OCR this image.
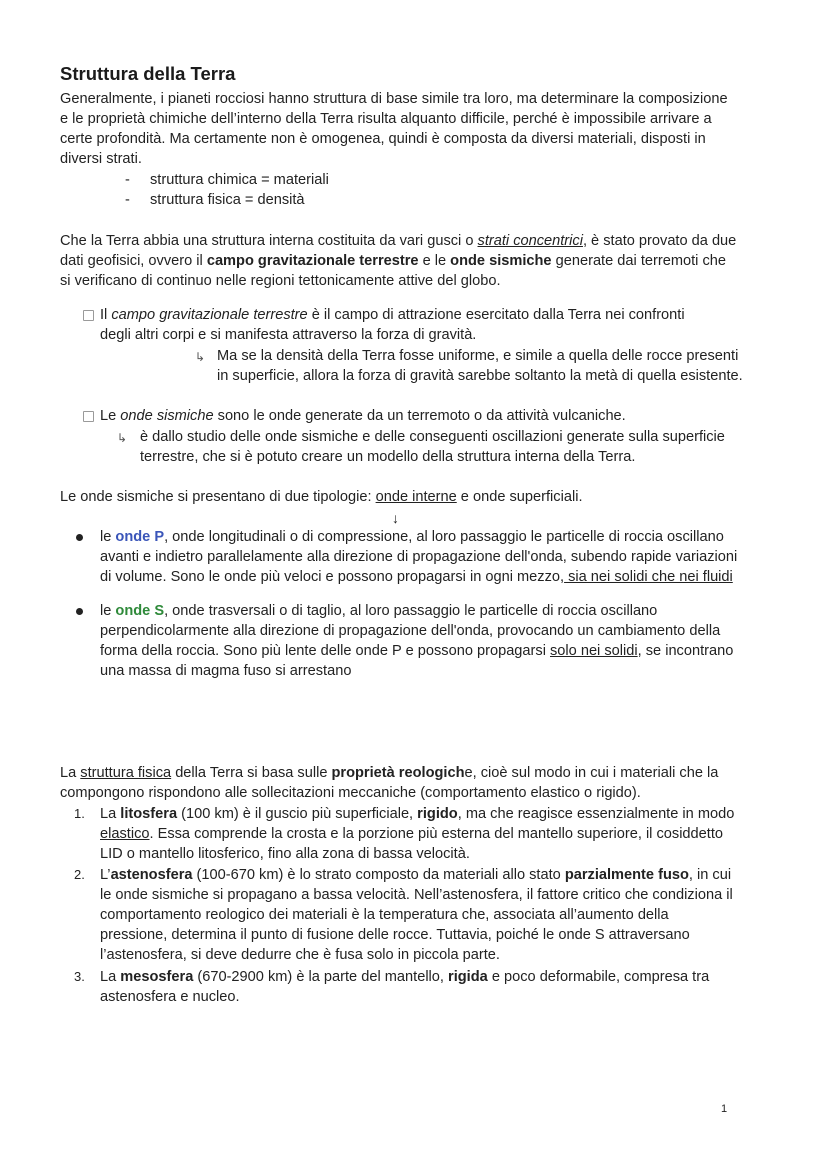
Struttura della Terra
Generalmente, i pianeti rocciosi hanno struttura di base simile tra loro, ma determinare la composizione
e le proprietà chimiche dell’interno della Terra risulta alquanto difficile, perché è impossibile arrivare a
certe profondità. Ma certamente non è omogenea, quindi è composta da diversi materiali, disposti in
diversi strati.
- struttura chimica = materiali
- struttura fisica = densità
Che la Terra abbia una struttura interna costituita da vari gusci o strati concentrici, è stato provato da due
dati geofisici, ovvero il campo gravitazionale terrestre e le onde sismiche generate dai terremoti che
si verificano di continuo nelle regioni tettonicamente attive del globo.
Il campo gravitazionale terrestre è il campo di attrazione esercitato dalla Terra nei confronti
degli altri corpi e si manifesta attraverso la forza di gravità.
↳ Ma se la densità della Terra fosse uniforme, e simile a quella delle rocce presenti
in superficie, allora la forza di gravità sarebbe soltanto la metà di quella esistente.
Le onde sismiche sono le onde generate da un terremoto o da attività vulcaniche.
↳ è dallo studio delle onde sismiche e delle conseguenti oscillazioni generate sulla superficie
terrestre, che si è potuto creare un modello della struttura interna della Terra.
Le onde sismiche si presentano di due tipologie: onde interne e onde superficiali.
↓
le onde P, onde longitudinali o di compressione, al loro passaggio le particelle di roccia oscillano
avanti e indietro parallelamente alla direzione di propagazione dell'onda, subendo rapide variazioni
di volume. Sono le onde più veloci e possono propagarsi in ogni mezzo, sia nei solidi che nei fluidi
le onde S, onde trasversali o di taglio, al loro passaggio le particelle di roccia oscillano
perpendicolarmente alla direzione di propagazione dell'onda, provocando un cambiamento della
forma della roccia. Sono più lente delle onde P e possono propagarsi solo nei solidi, se incontrano
una massa di magma fuso si arrestano
La struttura fisica della Terra si basa sulle proprietà reologiche, cioè sul modo in cui i materiali che la
compongono rispondono alle sollecitazioni meccaniche (comportamento elastico o rigido).
1. La litosfera (100 km) è il guscio più superficiale, rigido, ma che reagisce essenzialmente in modo
elastico. Essa comprende la crosta e la porzione più esterna del mantello superiore, il cosiddetto
LID o mantello litosferico, fino alla zona di bassa velocità.
2. L’astenosfera (100-670 km) è lo strato composto da materiali allo stato parzialmente fuso, in cui
le onde sismiche si propagano a bassa velocità. Nell’astenosfera, il fattore critico che condiziona il
comportamento reologico dei materiali è la temperatura che, associata all’aumento della
pressione, determina il punto di fusione delle rocce. Tuttavia, poiché le onde S attraversano
l’astenosfera, si deve dedurre che è fusa solo in piccola parte.
3. La mesosfera (670-2900 km) è la parte del mantello, rigida e poco deformabile, compresa tra
astenosfera e nucleo.
1
